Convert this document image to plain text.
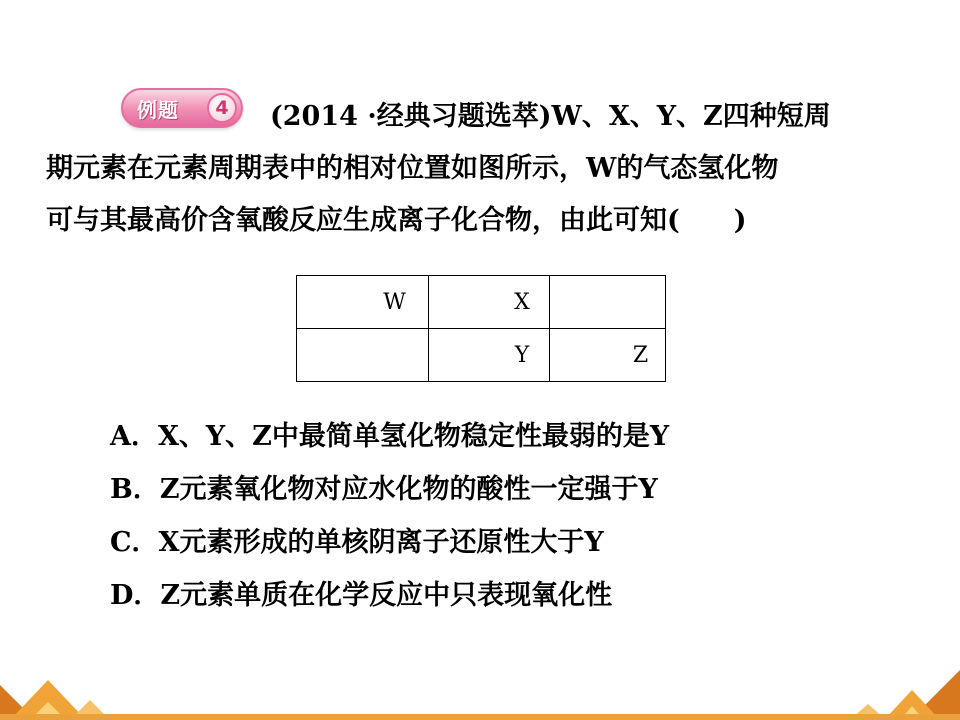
例题	4	(2014 ·经典习题选萃)W、X、Y、Z四种短周
期元素在元素周期表中的相对位置如图所示，W的气态氢化物
可与其最高价含氧酸反应生成离子化合物，由此可知(　　)
W	X	
	Y	Z
A．X、Y、Z中最简单氢化物稳定性最弱的是Y
B．Z元素氧化物对应水化物的酸性一定强于Y
C．X元素形成的单核阴离子还原性大于Y
D．Z元素单质在化学反应中只表现氧化性
